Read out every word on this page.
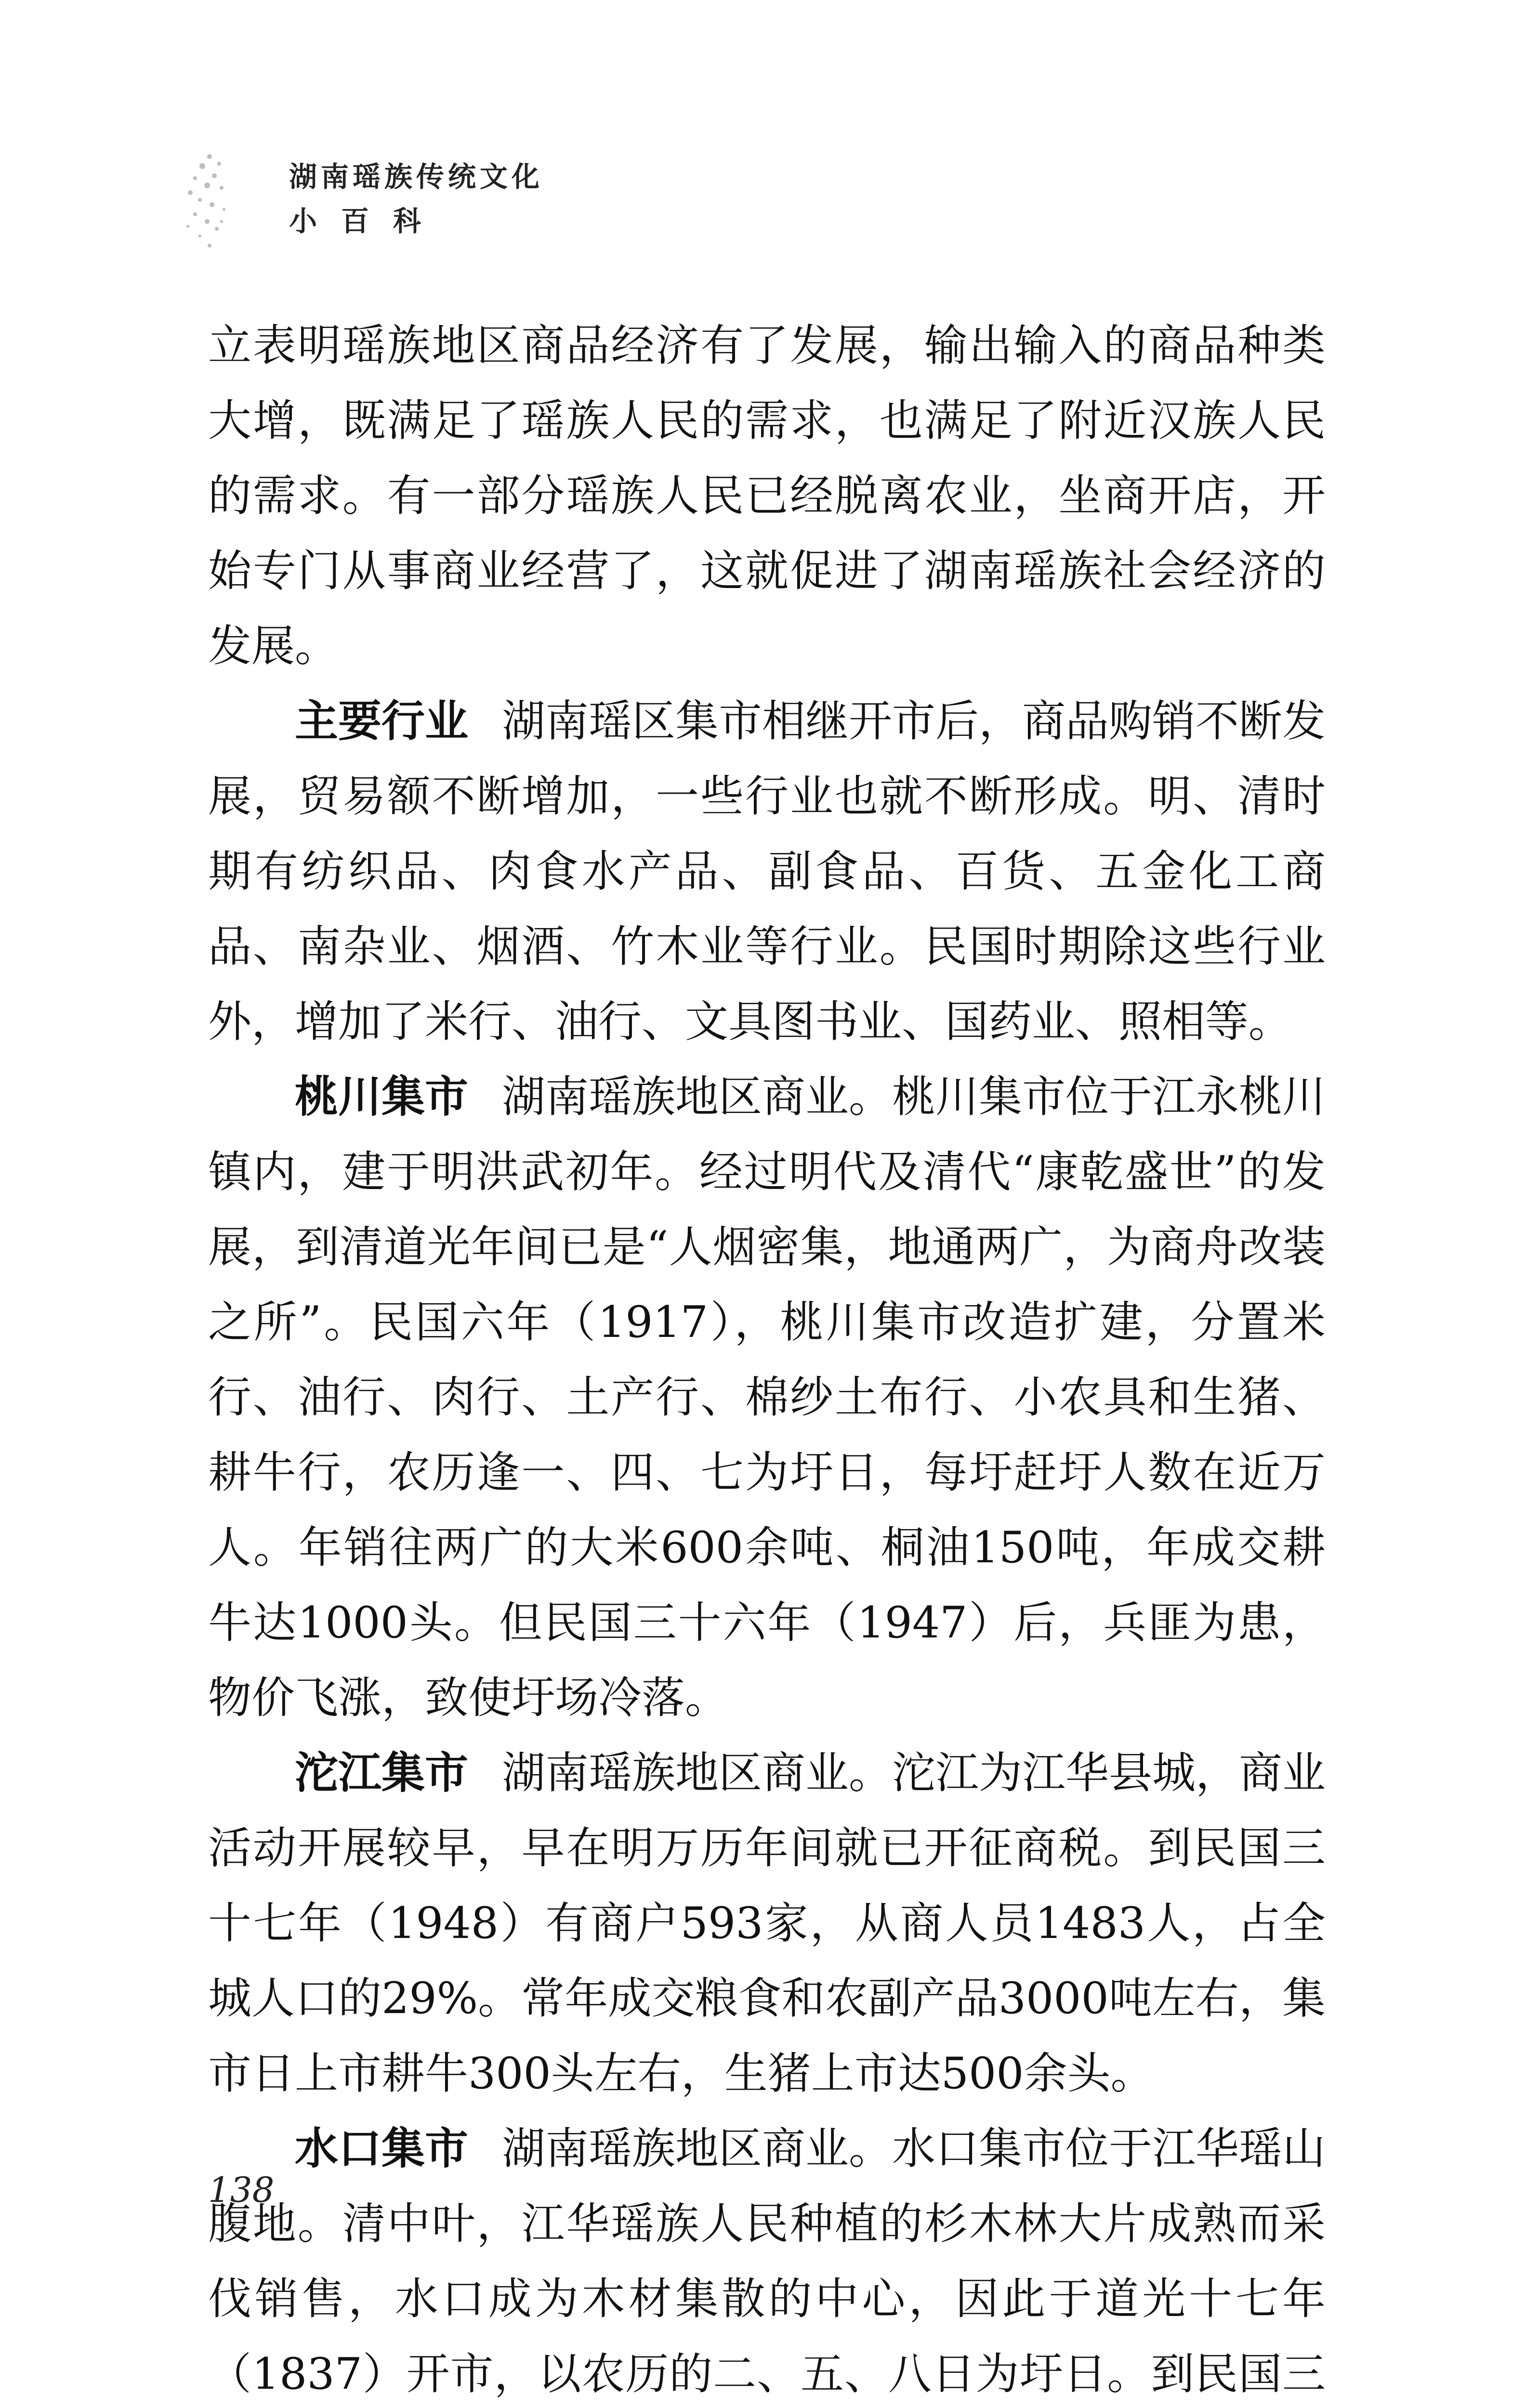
湖南瑶族传统文化
小百科

立表明瑶族地区商品经济有了发展，输出输入的商品种类大增，既满足了瑶族人民的需求，也满足了附近汉族人民的需求。有一部分瑶族人民已经脱离农业，坐商开店，开始专门从事商业经营了，这就促进了湖南瑶族社会经济的发展。

主要行业 湖南瑶区集市相继开市后，商品购销不断发展，贸易额不断增加，一些行业也就不断形成。明、清时期有纺织品、肉食水产品、副食品、百货、五金化工商品、南杂业、烟酒、竹木业等行业。民国时期除这些行业外，增加了米行、油行、文具图书业、国药业、照相等。

桃川集市 湖南瑶族地区商业。桃川集市位于江永桃川镇内，建于明洪武初年。经过明代及清代“康乾盛世”的发展，到清道光年间已是“人烟密集，地通两广，为商舟改装之所”。民国六年（1917），桃川集市改造扩建，分置米行、油行、肉行、土产行、棉纱土布行、小农具和生猪、耕牛行，农历逢一、四、七为圩日，每圩赶圩人数在近万人。年销往两广的大米600余吨、桐油150吨，年成交耕牛达1000头。但民国三十六年（1947）后，兵匪为患，物价飞涨，致使圩场冷落。

沱江集市 湖南瑶族地区商业。沱江为江华县城，商业活动开展较早，早在明万历年间就已开征商税。到民国三十七年（1948）有商户593家，从商人员1483人，占全城人口的29%。常年成交粮食和农副产品3000吨左右，集市日上市耕牛300头左右，生猪上市达500余头。

水口集市 湖南瑶族地区商业。水口集市位于江华瑶山腹地。清中叶，江华瑶族人民种植的杉木林大片成熟而采伐销售，水口成为木材集散的中心，因此于道光十七年（1837）开市，以农历的二、五、八日为圩日。到民国三

138
